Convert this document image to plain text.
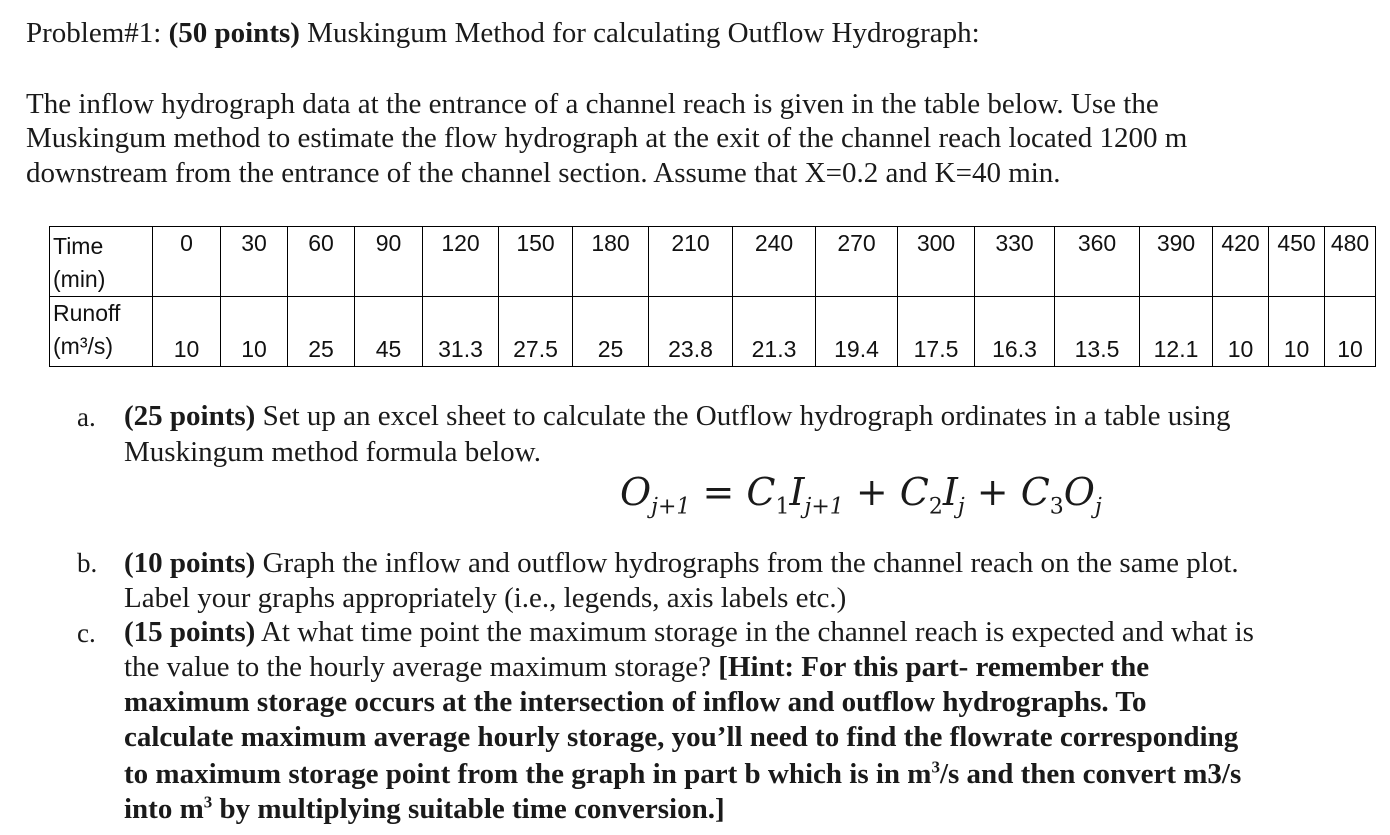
Problem#1: (50 points) Muskingum Method for calculating Outflow Hydrograph:
The inflow hydrograph data at the entrance of a channel reach is given in the table below. Use the
Muskingum method to estimate the flow hydrograph at the exit of the channel reach located 1200 m
downstream from the entrance of the channel section. Assume that X=0.2 and K=40 min.
Time
(min)	0	30	60	90	120	150	180	210	240	270	300	330	360	390	420	450	480
Runoff
(m³/s)	10	10	25	45	31.3	27.5	25	23.8	21.3	19.4	17.5	16.3	13.5	12.1	10	10	10
a. (25 points) Set up an excel sheet to calculate the Outflow hydrograph ordinates in a table using
Muskingum method formula below.
$O_{j+1} = C_1I_{j+1} + C_2I_j + C_3O_j$
b. (10 points) Graph the inflow and outflow hydrographs from the channel reach on the same plot.
Label your graphs appropriately (i.e., legends, axis labels etc.)
c. (15 points) At what time point the maximum storage in the channel reach is expected and what is
the value to the hourly average maximum storage? [Hint: For this part- remember the
maximum storage occurs at the intersection of inflow and outflow hydrographs. To
calculate maximum average hourly storage, you’ll need to find the flowrate corresponding
to maximum storage point from the graph in part b which is in $m^3/s$ and then convert m3/s
into $m^3$ by multiplying suitable time conversion.]
